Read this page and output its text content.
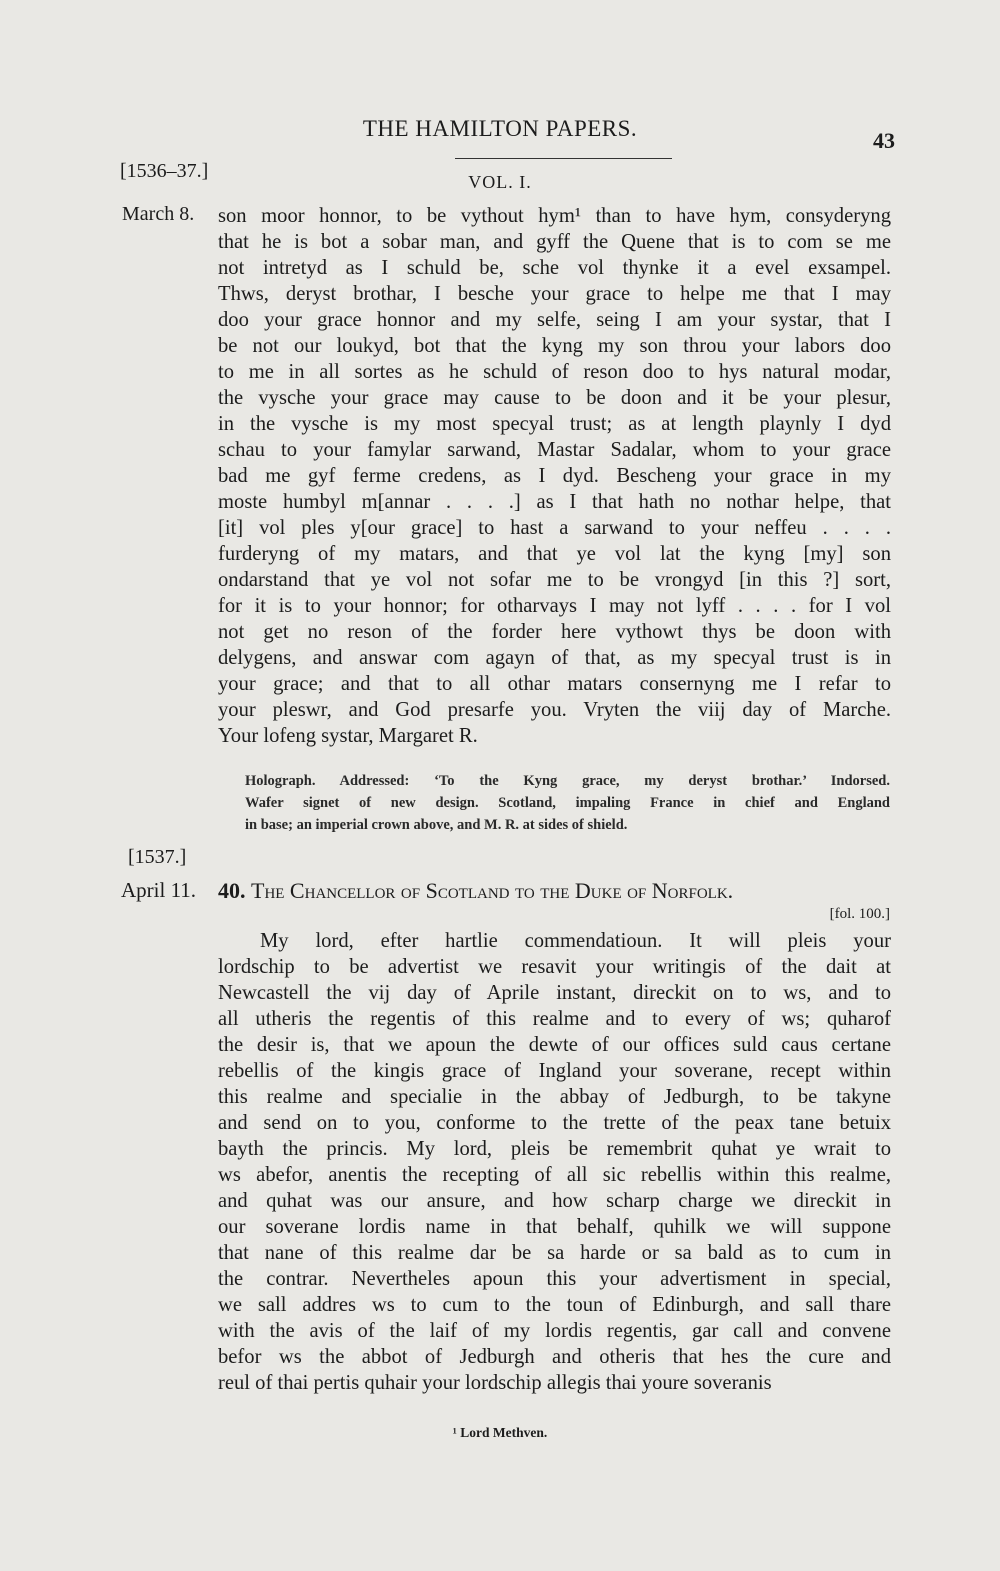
THE HAMILTON PAPERS.	43
VOL. I.
[1536–37.]
March 8. son moor honnor, to be vythout hym¹ than to have hym, consyderyng
that he is bot a sobar man, and gyff the Quene that is to com se me
not intretyd as I schuld be, sche vol thynke it a evel exsampel.
Thws, deryst brothar, I besche your grace to helpe me that I may
doo your grace honnor and my selfe, seing I am your systar, that I
be not our loukyd, bot that the kyng my son throu your labors doo
to me in all sortes as he schuld of reson doo to hys natural modar,
the vysche your grace may cause to be doon and it be your plesur,
in the vysche is my most specyal trust; as at length playnly I dyd
schau to your famylar sarwand, Mastar Sadalar, whom to your grace
bad me gyf ferme credens, as I dyd. Bescheng your grace in my
moste humbyl m[annar . . . .] as I that hath no nothar helpe, that
[it] vol ples y[our grace] to hast a sarwand to your neffeu . . . .
furderyng of my matars, and that ye vol lat the kyng [my] son
ondarstand that ye vol not sofar me to be vrongyd [in this ?] sort,
for it is to your honnor; for otharvays I may not lyff . . . . for I vol
not get no reson of the forder here vythowt thys be doon with
delygens, and answar com agayn of that, as my specyal trust is in
your grace; and that to all othar matars consernyng me I refar to
your pleswr, and God presarfe you. Vryten the viij day of Marche.
Your lofeng systar, Margaret R.
Holograph. Addressed: ‘To the Kyng grace, my deryst brothar.’ Indorsed.
Wafer signet of new design. Scotland, impaling France in chief and England
in base; an imperial crown above, and M. R. at sides of shield.
[1537.]
April 11. 40. The Chancellor of Scotland to the Duke of Norfolk.
[fol. 100.]
My lord, efter hartlie commendatioun. It will pleis your
lordschip to be advertist we resavit your writingis of the dait at
Newcastell the vij day of Aprile instant, direckit on to ws, and to
all utheris the regentis of this realme and to every of ws; quharof
the desir is, that we apoun the dewte of our offices suld caus certane
rebellis of the kingis grace of Ingland your soverane, recept within
this realme and specialie in the abbay of Jedburgh, to be takyne
and send on to you, conforme to the trette of the peax tane betuix
bayth the princis. My lord, pleis be remembrit quhat ye wrait to
ws abefor, anentis the recepting of all sic rebellis within this realme,
and quhat was our ansure, and how scharp charge we direckit in
our soverane lordis name in that behalf, quhilk we will suppone
that nane of this realme dar be sa harde or sa bald as to cum in
the contrar. Nevertheles apoun this your advertisment in special,
we sall addres ws to cum to the toun of Edinburgh, and sall thare
with the avis of the laif of my lordis regentis, gar call and convene
befor ws the abbot of Jedburgh and otheris that hes the cure and
reul of thai pertis quhair your lordschip allegis thai youre soveranis
¹ Lord Methven.
